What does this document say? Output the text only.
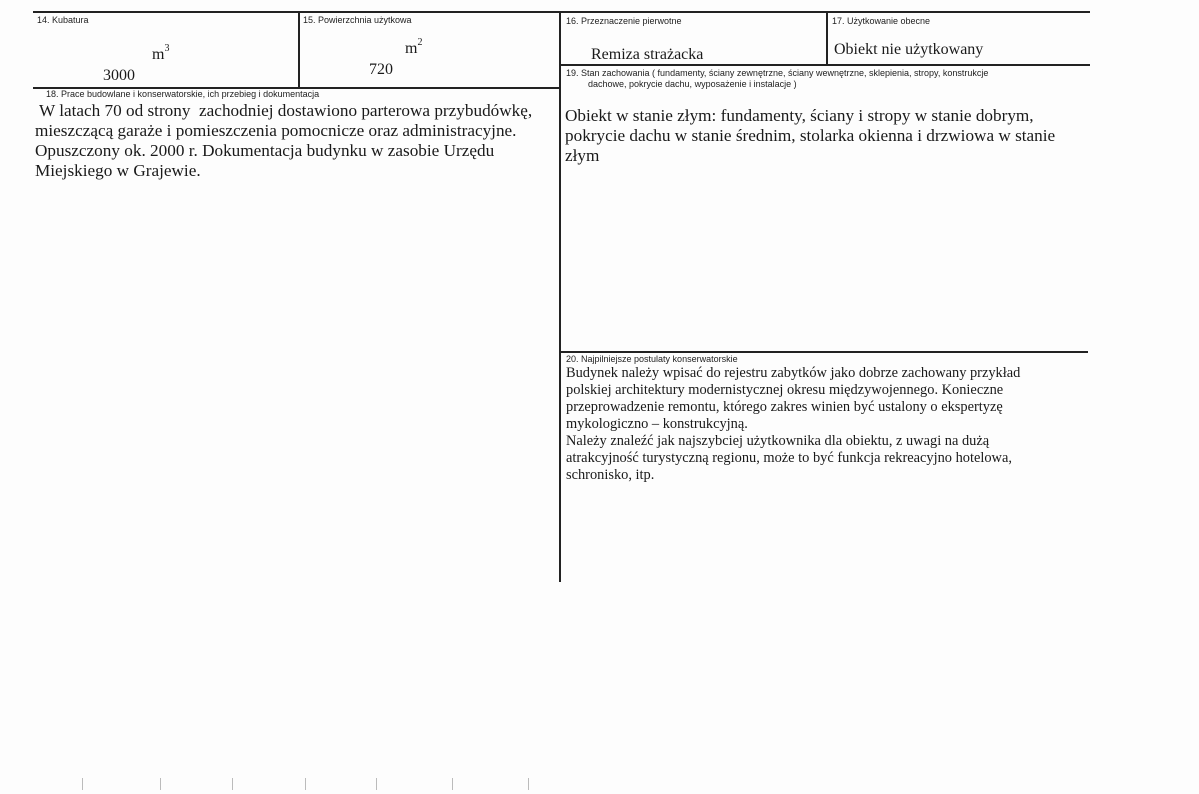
14. Kubatura
$m^3$
3000
15. Powierzchnia użytkowa
$m^2$
720
16. Przeznaczenie pierwotne
Remiza strażacka
17. Użytkowanie obecne
Obiekt nie użytkowany
18. Prace budowlane i konserwatorskie, ich przebieg i dokumentacja
W latach 70 od strony  zachodniej dostawiono parterowa przybudówkę,
mieszczącą garaże i pomieszczenia pomocnicze oraz administracyjne.
Opuszczony ok. 2000 r. Dokumentacja budynku w zasobie Urzędu
Miejskiego w Grajewie.
19. Stan zachowania ( fundamenty, ściany zewnętrzne, ściany wewnętrzne, sklepienia, stropy, konstrukcje
dachowe, pokrycie dachu, wyposażenie i instalacje )
Obiekt w stanie złym: fundamenty, ściany i stropy w stanie dobrym,
pokrycie dachu w stanie średnim, stolarka okienna i drzwiowa w stanie
złym
20. Najpilniejsze postulaty konserwatorskie
Budynek należy wpisać do rejestru zabytków jako dobrze zachowany przykład
polskiej architektury modernistycznej okresu międzywojennego. Konieczne
przeprowadzenie remontu, którego zakres winien być ustalony o ekspertyzę
mykologiczno – konstrukcyjną.
Należy znaleźć jak najszybciej użytkownika dla obiektu, z uwagi na dużą
atrakcyjność turystyczną regionu, może to być funkcja rekreacyjno hotelowa,
schronisko, itp.
